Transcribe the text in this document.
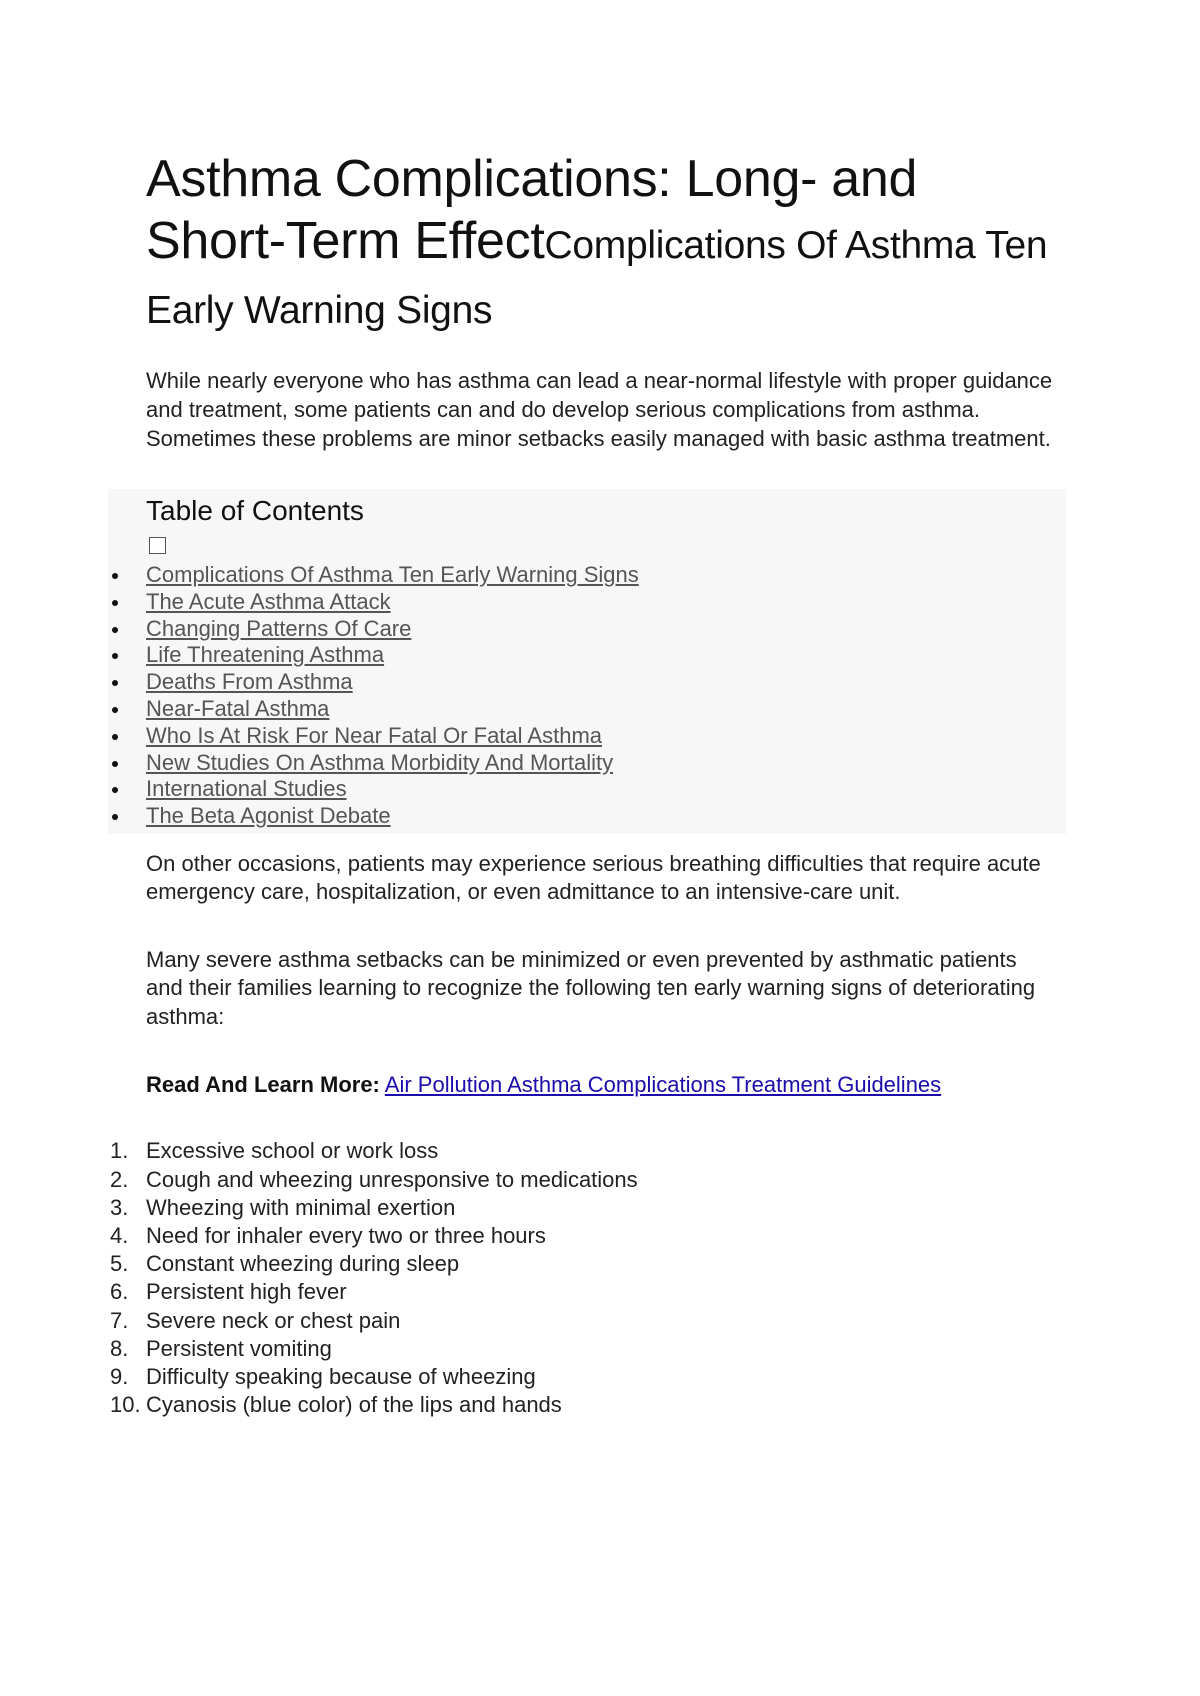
Asthma Complications: Long- and Short-Term EffectComplications Of Asthma Ten Early Warning Signs

While nearly everyone who has asthma can lead a near-normal lifestyle with proper guidance and treatment, some patients can and do develop serious complications from asthma. Sometimes these problems are minor setbacks easily managed with basic asthma treatment.

Table of Contents
Complications Of Asthma Ten Early Warning Signs
The Acute Asthma Attack
Changing Patterns Of Care
Life Threatening Asthma
Deaths From Asthma
Near-Fatal Asthma
Who Is At Risk For Near Fatal Or Fatal Asthma
New Studies On Asthma Morbidity And Mortality
International Studies
The Beta Agonist Debate

On other occasions, patients may experience serious breathing difficulties that require acute emergency care, hospitalization, or even admittance to an intensive-care unit.

Many severe asthma setbacks can be minimized or even prevented by asthmatic patients and their families learning to recognize the following ten early warning signs of deteriorating asthma:

Read And Learn More: Air Pollution Asthma Complications Treatment Guidelines
1. Excessive school or work loss
2. Cough and wheezing unresponsive to medications
3. Wheezing with minimal exertion
4. Need for inhaler every two or three hours
5. Constant wheezing during sleep
6. Persistent high fever
7. Severe neck or chest pain
8. Persistent vomiting
9. Difficulty speaking because of wheezing
10. Cyanosis (blue color) of the lips and hands
